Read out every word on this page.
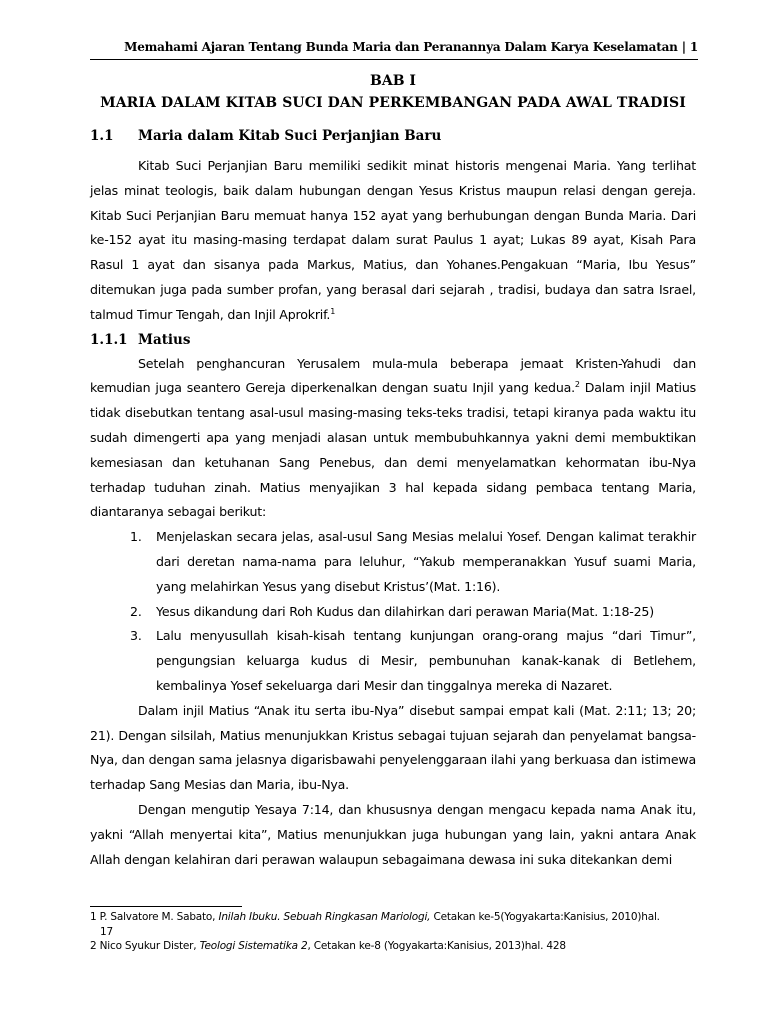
Memahami Ajaran Tentang Bunda Maria dan Peranannya Dalam Karya Keselamatan | 1

BAB I

MARIA DALAM KITAB SUCI DAN PERKEMBANGAN PADA AWAL TRADISI

1.1	Maria dalam Kitab Suci Perjanjian Baru

Kitab Suci Perjanjian Baru memiliki sedikit minat historis mengenai Maria. Yang terlihat jelas minat teologis, baik dalam hubungan dengan Yesus Kristus maupun relasi dengan gereja. Kitab Suci Perjanjian Baru memuat hanya 152 ayat yang berhubungan dengan Bunda Maria. Dari ke-152 ayat itu masing-masing terdapat dalam surat Paulus 1 ayat; Lukas 89 ayat, Kisah Para Rasul 1 ayat dan sisanya pada Markus, Matius, dan Yohanes.Pengakuan “Maria, Ibu Yesus” ditemukan juga pada sumber profan, yang berasal dari sejarah , tradisi, budaya dan satra Israel, talmud Timur Tengah, dan Injil Aprokrif.$^1$

1.1.1 Matius

Setelah penghancuran Yerusalem mula-mula beberapa jemaat Kristen-Yahudi dan kemudian juga seantero Gereja diperkenalkan dengan suatu Injil yang kedua.$^2$ Dalam injil Matius tidak disebutkan tentang asal-usul masing-masing teks-teks tradisi, tetapi kiranya pada waktu itu sudah dimengerti apa yang menjadi alasan untuk membubuhkannya yakni demi membuktikan kemesiasan dan ketuhanan Sang Penebus, dan demi menyelamatkan kehormatan ibu-Nya terhadap tuduhan zinah. Matius menyajikan 3 hal kepada sidang pembaca tentang Maria, diantaranya sebagai berikut:

1. Menjelaskan secara jelas, asal-usul Sang Mesias melalui Yosef. Dengan kalimat terakhir dari deretan nama-nama para leluhur, “Yakub memperanakkan Yusuf suami Maria, yang melahirkan Yesus yang disebut Kristus’(Mat. 1:16).
2. Yesus dikandung dari Roh Kudus dan dilahirkan dari perawan Maria(Mat. 1:18-25)
3. Lalu menyusullah kisah-kisah tentang kunjungan orang-orang majus “dari Timur”, pengungsian keluarga kudus di Mesir, pembunuhan kanak-kanak di Betlehem, kembalinya Yosef sekeluarga dari Mesir dan tinggalnya mereka di Nazaret.

Dalam injil Matius “Anak itu serta ibu-Nya” disebut sampai empat kali (Mat. 2:11; 13; 20; 21). Dengan silsilah, Matius menunjukkan Kristus sebagai tujuan sejarah dan penyelamat bangsa-Nya, dan dengan sama jelasnya digarisbawahi penyelenggaraan ilahi yang berkuasa dan istimewa terhadap Sang Mesias dan Maria, ibu-Nya.

Dengan mengutip Yesaya 7:14, dan khususnya dengan mengacu kepada nama Anak itu, yakni “Allah menyertai kita”, Matius menunjukkan juga hubungan yang lain, yakni antara Anak Allah dengan kelahiran dari perawan walaupun sebagaimana dewasa ini suka ditekankan demi

1 P. Salvatore M. Sabato, Inilah Ibuku. Sebuah Ringkasan Mariologi, Cetakan ke-5(Yogyakarta:Kanisius, 2010)hal.
17
2 Nico Syukur Dister, Teologi Sistematika 2, Cetakan ke-8 (Yogyakarta:Kanisius, 2013)hal. 428
